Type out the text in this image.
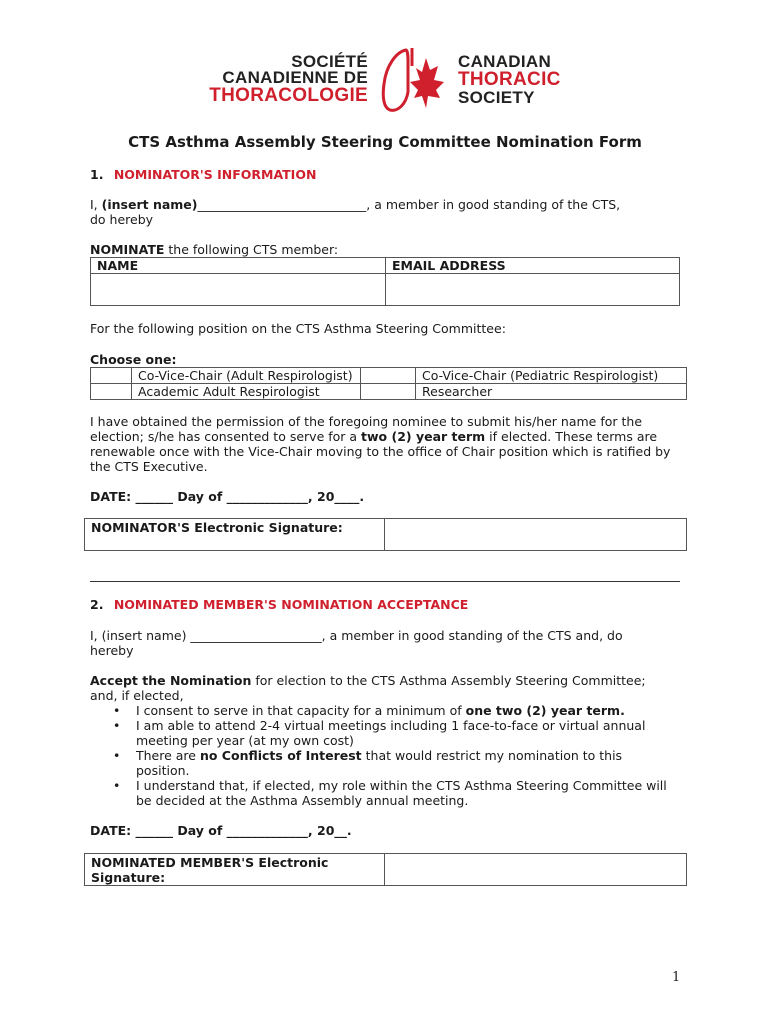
SOCIÉTÉ
CANADIENNE DE
THORACOLOGIE
CANADIAN
THORACIC
SOCIETY
CTS Asthma Assembly Steering Committee Nomination Form
1. NOMINATOR'S INFORMATION
I, (insert name)___________________________, a member in good standing of the CTS,
do hereby
NOMINATE the following CTS member:
NAME	EMAIL ADDRESS

For the following position on the CTS Asthma Steering Committee:
Choose one:
	Co-Vice-Chair (Adult Respirologist)		Co-Vice-Chair (Pediatric Respirologist)
	Academic Adult Respirologist		Researcher
I have obtained the permission of the foregoing nominee to submit his/her name for the
election; s/he has consented to serve for a two (2) year term if elected. These terms are
renewable once with the Vice-Chair moving to the office of Chair position which is ratified by
the CTS Executive.
DATE: ______ Day of _____________, 20____.
NOMINATOR'S Electronic Signature:	
2. NOMINATED MEMBER'S NOMINATION ACCEPTANCE
I, (insert name) _____________________, a member in good standing of the CTS and, do
hereby
Accept the Nomination for election to the CTS Asthma Assembly Steering Committee;
and, if elected,
• I consent to serve in that capacity for a minimum of one two (2) year term.
• I am able to attend 2-4 virtual meetings including 1 face-to-face or virtual annual
meeting per year (at my own cost)
• There are no Conflicts of Interest that would restrict my nomination to this
position.
• I understand that, if elected, my role within the CTS Asthma Steering Committee will
be decided at the Asthma Assembly annual meeting.
DATE: ______ Day of _____________, 20__.
NOMINATED MEMBER'S Electronic
Signature:

1
